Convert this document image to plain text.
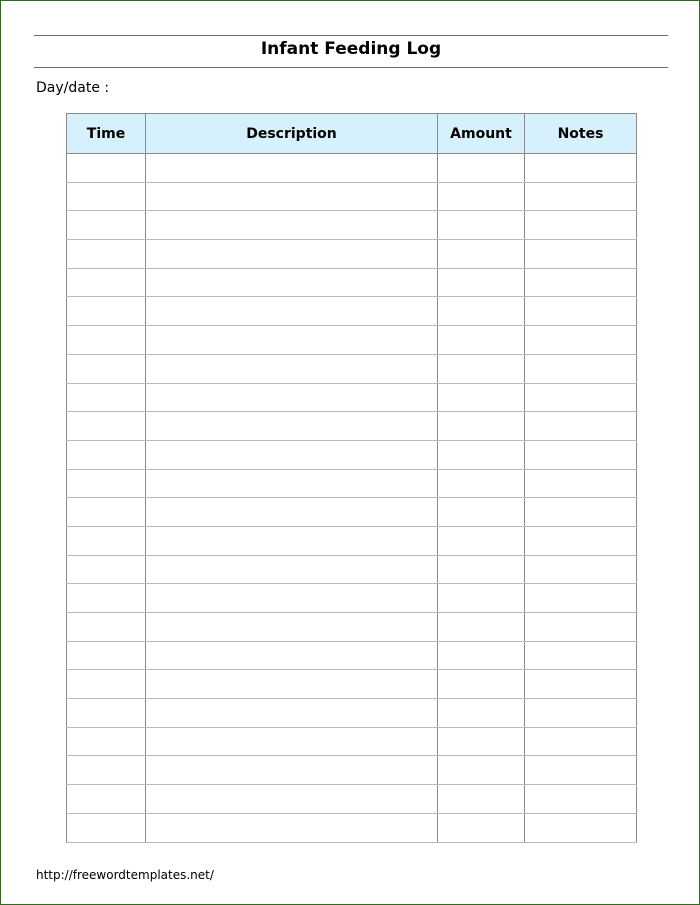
Infant Feeding Log
Day/date :
Time	Description	Amount	Notes

http://freewordtemplates.net/
